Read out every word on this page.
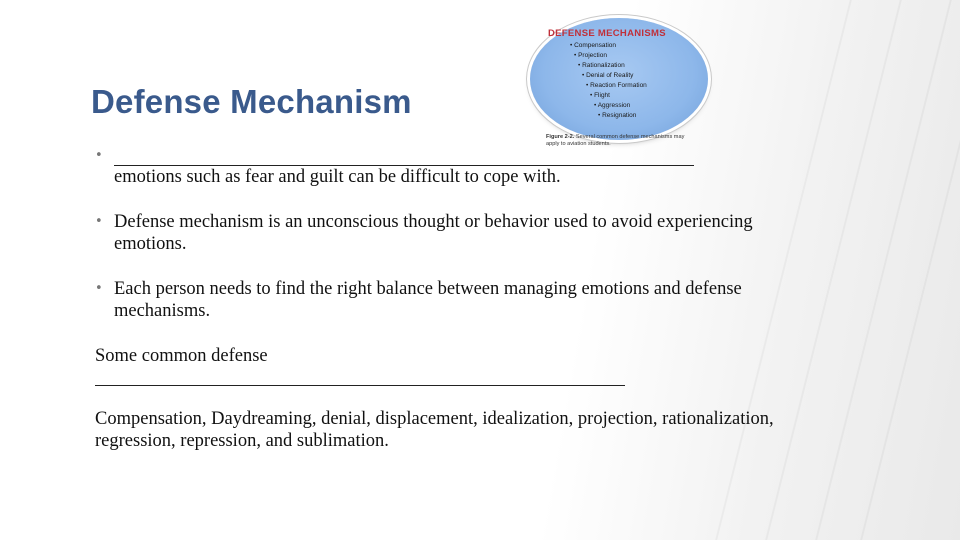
Defense Mechanism
DEFENSE MECHANISMS
• Compensation
• Projection
• Rationalization
• Denial of Reality
• Reaction Formation
• Flight
• Aggression
• Resignation
Figure 2-2. Several common defense mechanisms may apply to aviation students.
•
emotions such as fear and guilt can be difficult to cope with.
• Defense mechanism is an unconscious thought or behavior used to avoid experiencing emotions.
• Each person needs to find the right balance between managing emotions and defense mechanisms.
Some common defense
Compensation, Daydreaming, denial, displacement, idealization, projection, rationalization, regression, repression, and sublimation.
